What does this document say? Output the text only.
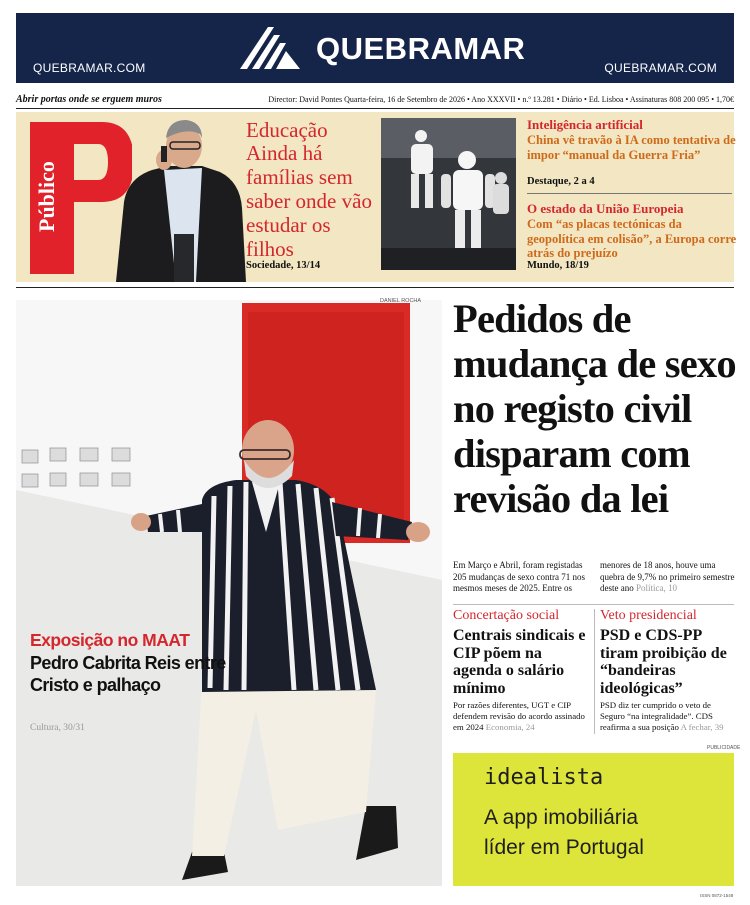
QUEBRAMAR
QUEBRAMAR.COM	QUEBRAMAR.COM
Abrir portas onde se erguem muros	Director: David Pontes Quarta-feira, 16 de Setembro de 2026 • Ano XXXVII • n.º 13.281 • Diário • Ed. Lisboa • Assinaturas 808 200 095 • 1,70€
Público
Educação
Ainda há famílias sem saber onde vão estudar os filhos
Sociedade, 13/14
Inteligência artificial
China vê travão à IA como tentativa de impor “manual da Guerra Fria”
Destaque, 2 a 4
O estado da União Europeia
Com “as placas tectónicas da geopolítica em colisão”, a Europa corre atrás do prejuízo
Mundo, 18/19
DANIEL ROCHA
Exposição no MAAT
Pedro Cabrita Reis entre Cristo e palhaço
Cultura, 30/31
Pedidos de mudança de sexo no registo civil disparam com revisão da lei
Em Março e Abril, foram registadas 205 mudanças de sexo contra 71 nos mesmos meses de 2025. Entre os
menores de 18 anos, houve uma quebra de 9,7% no primeiro semestre deste ano Política, 10
Concertação social
Centrais sindicais e CIP põem na agenda o salário mínimo
Por razões diferentes, UGT e CIP defendem revisão do acordo assinado em 2024 Economia, 24
Veto presidencial
PSD e CDS-PP tiram proibição de “bandeiras ideológicas”
PSD diz ter cumprido o veto de Seguro “na integralidade”. CDS reafirma a sua posição A fechar, 39
PUBLICIDADE
idealista
A app imobiliária
líder em Portugal
ISSN 0872-1548
